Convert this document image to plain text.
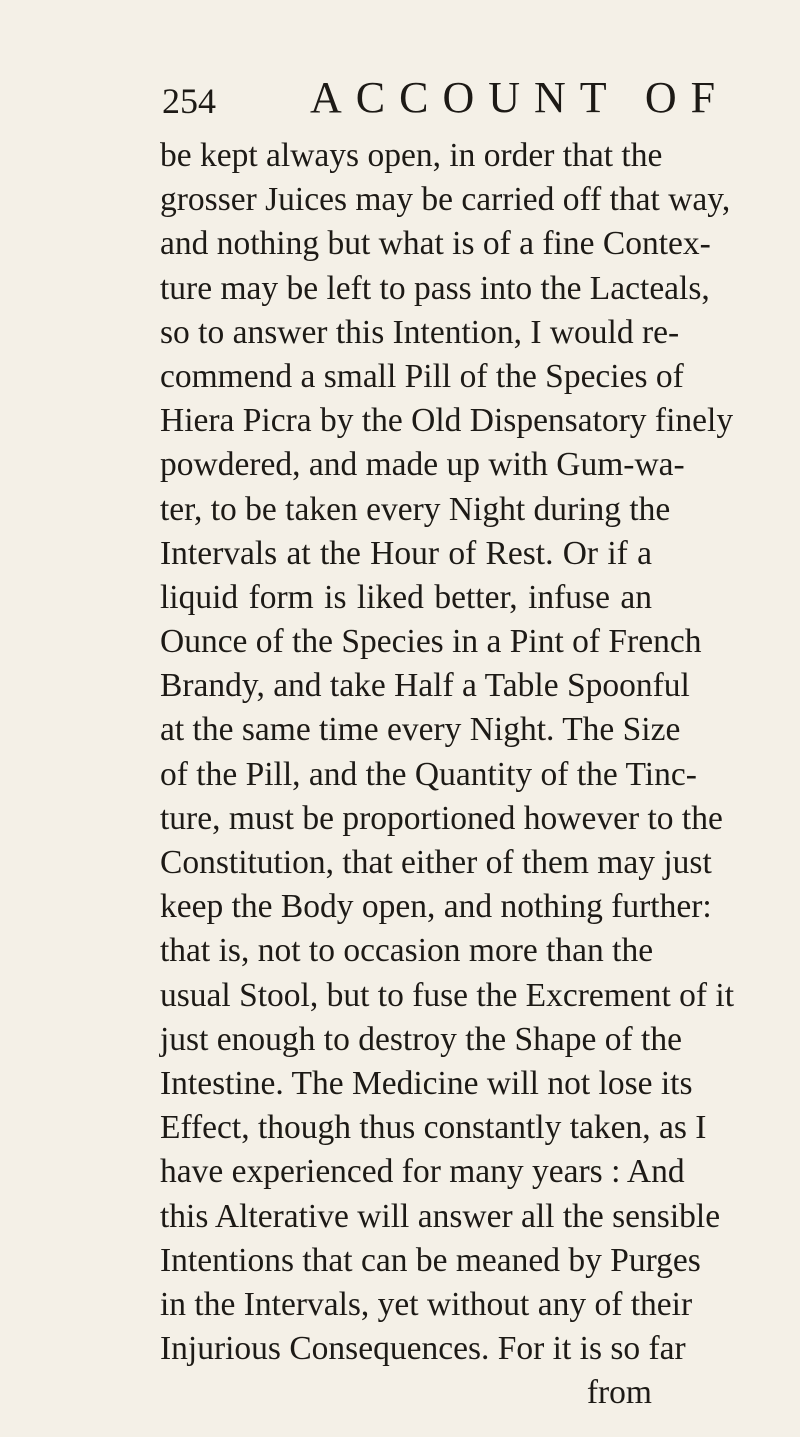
254 ACCOUNT OF
be kept always open, in order that the
grosser Juices may be carried off that way,
and nothing but what is of a fine Contex-
ture may be left to pass into the Lacteals,
so to answer this Intention, I would re-
commend a small Pill of the Species of
Hiera Picra by the Old Dispensatory finely
powdered, and made up with Gum-wa-
ter, to be taken every Night during the
Intervals at the Hour of Rest. Or if a
liquid form is liked better, infuse an
Ounce of the Species in a Pint of French
Brandy, and take Half a Table Spoonful
at the same time every Night. The Size
of the Pill, and the Quantity of the Tinc-
ture, must be proportioned however to the
Constitution, that either of them may just
keep the Body open, and nothing further:
that is, not to occasion more than the
usual Stool, but to fuse the Excrement of it
just enough to destroy the Shape of the
Intestine. The Medicine will not lose its
Effect, though thus constantly taken, as I
have experienced for many years : And
this Alterative will answer all the sensible
Intentions that can be meaned by Purges
in the Intervals, yet without any of their
Injurious Consequences. For it is so far
from
